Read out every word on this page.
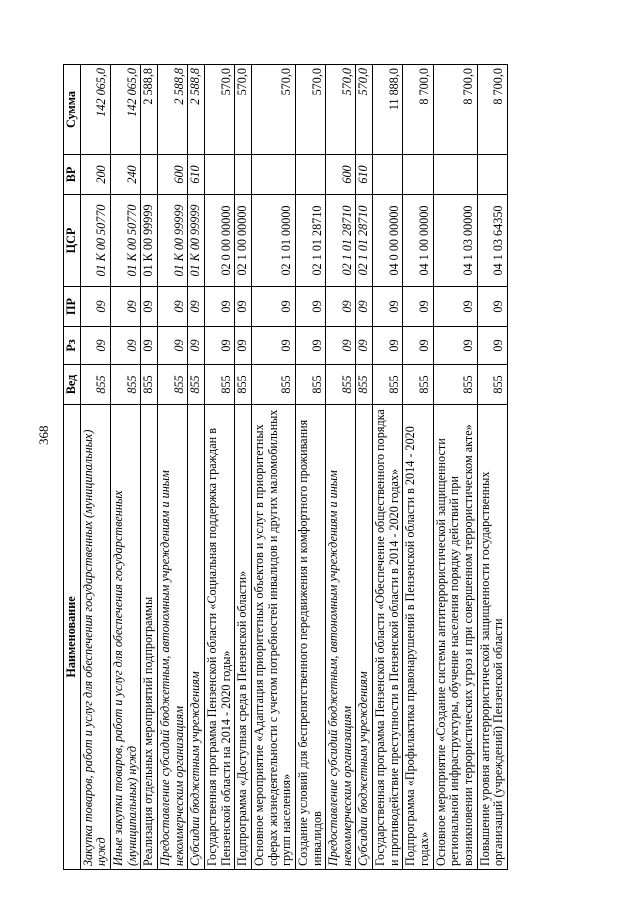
368
Наименование	Вед	Рз	ПР	ЦСР	ВР	Сумма
Закупка товаров, работ и услуг для обеспечения государственных (муниципальных) нужд	855	09	09	01 К 00 50770	200	142 065,0
Иные закупки товаров, работ и услуг для обеспечения государственных (муниципальных) нужд	855	09	09	01 К 00 50770	240	142 065,0
Реализация отдельных мероприятий подпрограммы	855	09	09	01 К 00 99999		2 588,8
Предоставление субсидий бюджетным, автономным учреждениям и иным некоммерческим организациям	855	09	09	01 К 00 99999	600	2 588,8
Субсидии бюджетным учреждениям	855	09	09	01 К 00 99999	610	2 588,8
Государственная программа Пензенской области «Социальная поддержка граждан в Пензенской области на 2014 - 2020 годы»	855	09	09	02 0 00 00000		570,0
Подпрограмма «Доступная среда в Пензенской области»	855	09	09	02 1 00 00000		570,0
Основное мероприятие «Адаптация приоритетных объектов и услуг в приоритетных сферах жизнедеятельности с учетом потребностей инвалидов и других маломобильных групп населения»	855	09	09	02 1 01 00000		570,0
Создание условий для беспрепятственного передвижения и комфортного проживания инвалидов	855	09	09	02 1 01 28710		570,0
Предоставление субсидий бюджетным, автономным учреждениям и иным некоммерческим организациям	855	09	09	02 1 01 28710	600	570,0
Субсидии бюджетным учреждениям	855	09	09	02 1 01 28710	610	570,0
Государственная программа Пензенской области «Обеспечение общественного порядка и противодействие преступности в Пензенской области в 2014 - 2020 годах»	855	09	09	04 0 00 00000		11 888,0
Подпрограмма «Профилактика правонарушений в Пензенской области в 2014 - 2020 годах»	855	09	09	04 1 00 00000		8 700,0
Основное мероприятие «Создание системы антитеррористической защищенности региональной инфраструктуры, обучение населения порядку действий при возникновении террористических угроз и при совершенном террористическом акте»	855	09	09	04 1 03 00000		8 700,0
Повышение уровня антитеррористической защищенности государственных организаций (учреждений) Пензенской области	855	09	09	04 1 03 64350		8 700,0
